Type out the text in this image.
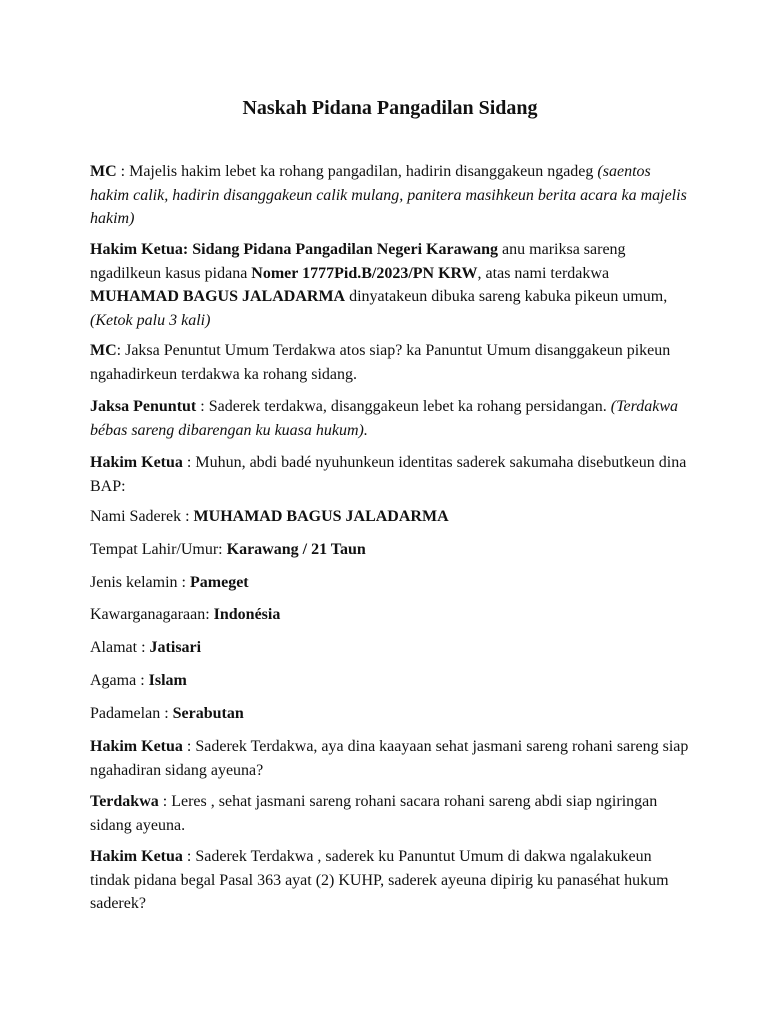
Naskah Pidana Pangadilan Sidang

MC : Majelis hakim lebet ka rohang pangadilan, hadirin disanggakeun ngadeg (saentos hakim calik, hadirin disanggakeun calik mulang, panitera masihkeun berita acara ka majelis hakim)

Hakim Ketua: Sidang Pidana Pangadilan Negeri Karawang anu mariksa sareng ngadilkeun kasus pidana Nomer 1777Pid.B/2023/PN KRW, atas nami terdakwa MUHAMAD BAGUS JALADARMA dinyatakeun dibuka sareng kabuka pikeun umum, (Ketok palu 3 kali)

MC: Jaksa Penuntut Umum Terdakwa atos siap? ka Panuntut Umum disanggakeun pikeun ngahadirkeun terdakwa ka rohang sidang.

Jaksa Penuntut : Saderek terdakwa, disanggakeun lebet ka rohang persidangan. (Terdakwa bébas sareng dibarengan ku kuasa hukum).

Hakim Ketua : Muhun, abdi badé nyuhunkeun identitas saderek sakumaha disebutkeun dina BAP:

Nami Saderek : MUHAMAD BAGUS JALADARMA

Tempat Lahir/Umur: Karawang / 21 Taun

Jenis kelamin : Pameget

Kawarganagaraan: Indonésia

Alamat : Jatisari

Agama : Islam

Padamelan : Serabutan

Hakim Ketua : Saderek Terdakwa, aya dina kaayaan sehat jasmani sareng rohani sareng siap ngahadiran sidang ayeuna?

Terdakwa : Leres , sehat jasmani sareng rohani sacara rohani sareng abdi siap ngiringan sidang ayeuna.

Hakim Ketua : Saderek Terdakwa , saderek ku Panuntut Umum di dakwa ngalakukeun tindak pidana begal Pasal 363 ayat (2) KUHP, saderek ayeuna dipirig ku panaséhat hukum saderek?
